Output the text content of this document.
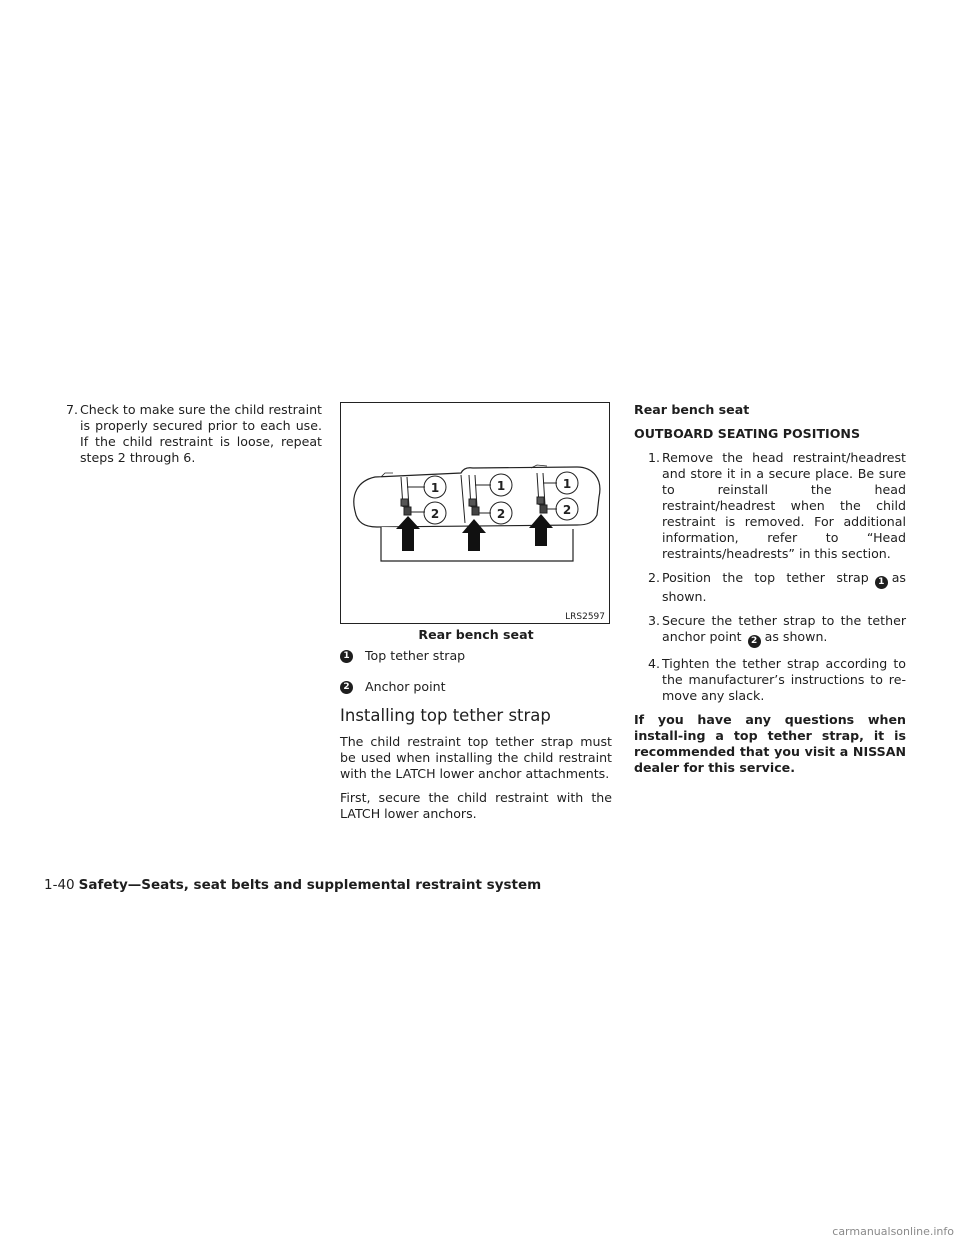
7. Check to make sure the child restraint is properly secured prior to each use. If the child restraint is loose, repeat steps 2 through 6.

1
2
1
2
1
2
LRS2597
Rear bench seat
1 Top tether strap
2 Anchor point
Installing top tether strap

The child restraint top tether strap must be used when installing the child restraint with the LATCH lower anchor attachments.

First, secure the child restraint with the LATCH lower anchors.

Rear bench seat

OUTBOARD SEATING POSITIONS

1. Remove the head restraint/headrest and store it in a secure place. Be sure to reinstall the head restraint/headrest when the child restraint is removed. For additional information, refer to “Head restraints/headrests” in this section.

2. Position the top tether strap 1 as shown.

3. Secure the tether strap to the tether anchor point 2 as shown.

4. Tighten the tether strap according to the manufacturer’s instructions to re-move any slack.

If you have any questions when install-ing a top tether strap, it is recommended that you visit a NISSAN dealer for this service.

1-40 Safety—Seats, seat belts and supplemental restraint system
carmanualsonline.info
